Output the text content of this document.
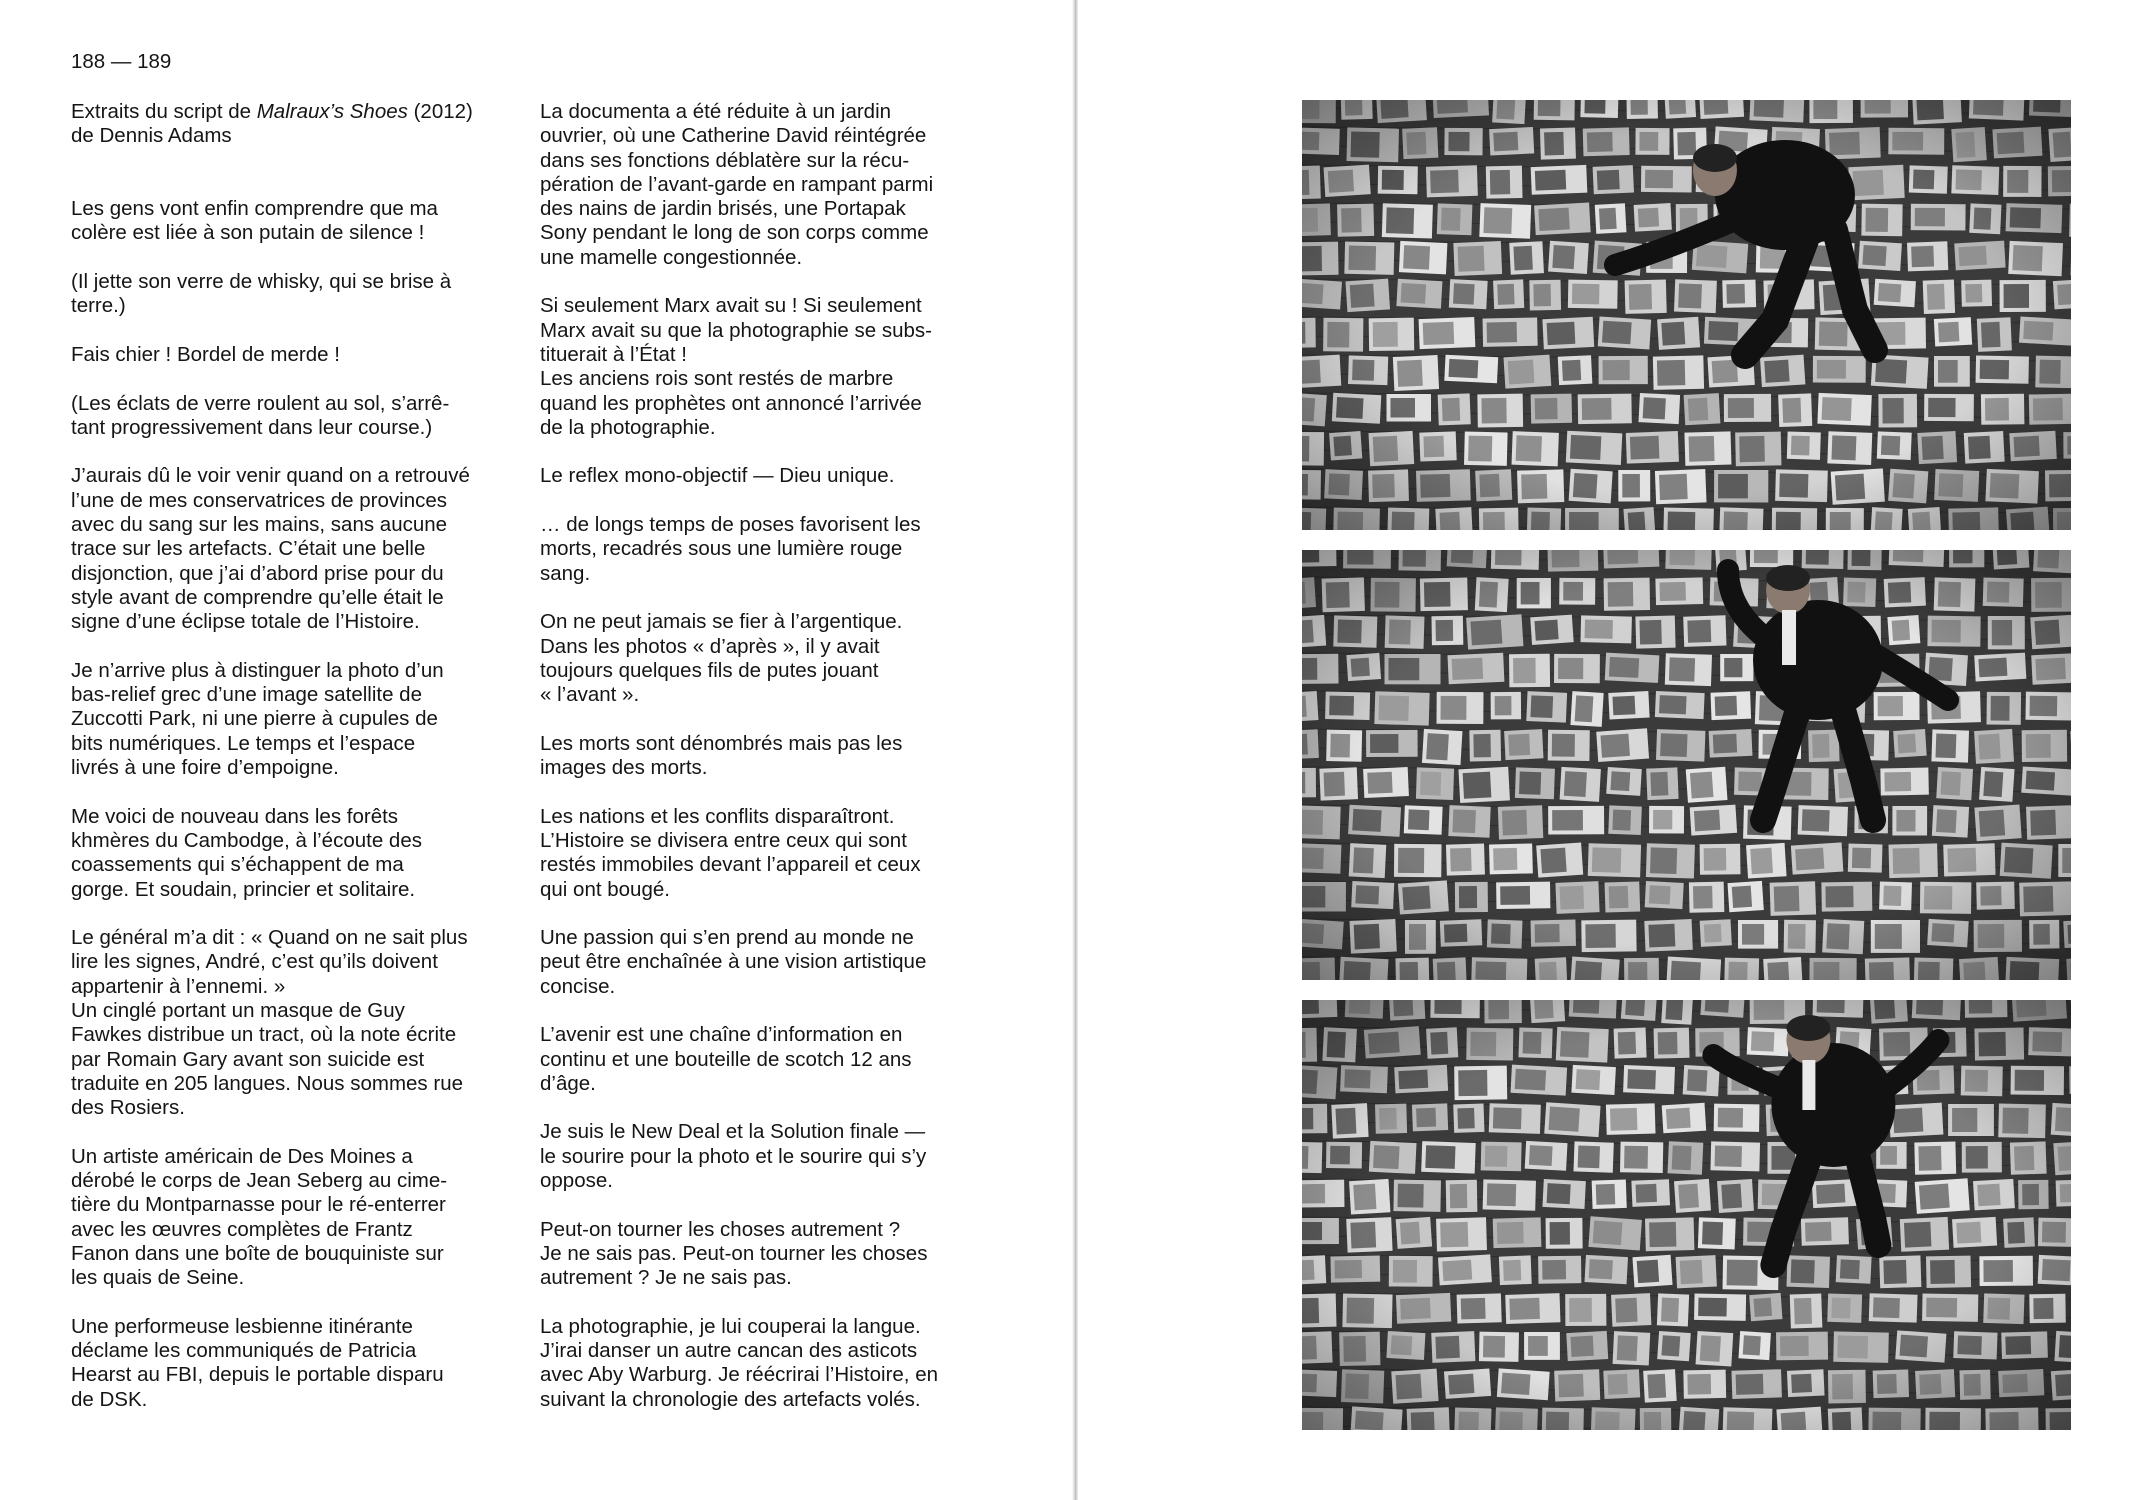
188 — 189
Extraits du script de Malraux’s Shoes (2012)
de Dennis Adams
Les gens vont enfin comprendre que ma
colère est liée à son putain de silence !
(Il jette son verre de whisky, qui se brise à
terre.)
Fais chier ! Bordel de merde !
(Les éclats de verre roulent au sol, s’arrê-
tant progressivement dans leur course.)
J’aurais dû le voir venir quand on a retrouvé
l’une de mes conservatrices de provinces
avec du sang sur les mains, sans aucune
trace sur les artefacts. C’était une belle
disjonction, que j’ai d’abord prise pour du
style avant de comprendre qu’elle était le
signe d’une éclipse totale de l’Histoire.
Je n’arrive plus à distinguer la photo d’un
bas-relief grec d’une image satellite de
Zuccotti Park, ni une pierre à cupules de
bits numériques. Le temps et l’espace
livrés à une foire d’empoigne.
Me voici de nouveau dans les forêts
khmères du Cambodge, à l’écoute des
coassements qui s’échappent de ma
gorge. Et soudain, princier et solitaire.
Le général m’a dit : « Quand on ne sait plus
lire les signes, André, c’est qu’ils doivent
appartenir à l’ennemi. »
Un cinglé portant un masque de Guy
Fawkes distribue un tract, où la note écrite
par Romain Gary avant son suicide est
traduite en 205 langues. Nous sommes rue
des Rosiers.
Un artiste américain de Des Moines a
dérobé le corps de Jean Seberg au cime-
tière du Montparnasse pour le ré-enterrer
avec les œuvres complètes de Frantz
Fanon dans une boîte de bouquiniste sur
les quais de Seine.
Une performeuse lesbienne itinérante
déclame les communiqués de Patricia
Hearst au FBI, depuis le portable disparu
de DSK.
La documenta a été réduite à un jardin
ouvrier, où une Catherine David réintégrée
dans ses fonctions déblatère sur la récu-
pération de l’avant-garde en rampant parmi
des nains de jardin brisés, une Portapak
Sony pendant le long de son corps comme
une mamelle congestionnée.
Si seulement Marx avait su ! Si seulement
Marx avait su que la photographie se subs-
tituerait à l’État !
Les anciens rois sont restés de marbre
quand les prophètes ont annoncé l’arrivée
de la photographie.
Le reflex mono-objectif — Dieu unique.
… de longs temps de poses favorisent les
morts, recadrés sous une lumière rouge
sang.
On ne peut jamais se fier à l’argentique.
Dans les photos « d’après », il y avait
toujours quelques fils de putes jouant
« l’avant ».
Les morts sont dénombrés mais pas les
images des morts.
Les nations et les conflits disparaîtront.
L’Histoire se divisera entre ceux qui sont
restés immobiles devant l’appareil et ceux
qui ont bougé.
Une passion qui s’en prend au monde ne
peut être enchaînée à une vision artistique
concise.
L’avenir est une chaîne d’information en
continu et une bouteille de scotch 12 ans
d’âge.
Je suis le New Deal et la Solution finale —
le sourire pour la photo et le sourire qui s’y
oppose.
Peut-on tourner les choses autrement ?
Je ne sais pas. Peut-on tourner les choses
autrement ? Je ne sais pas.
La photographie, je lui couperai la langue.
J’irai danser un autre cancan des asticots
avec Aby Warburg. Je réécrirai l’Histoire, en
suivant la chronologie des artefacts volés.
